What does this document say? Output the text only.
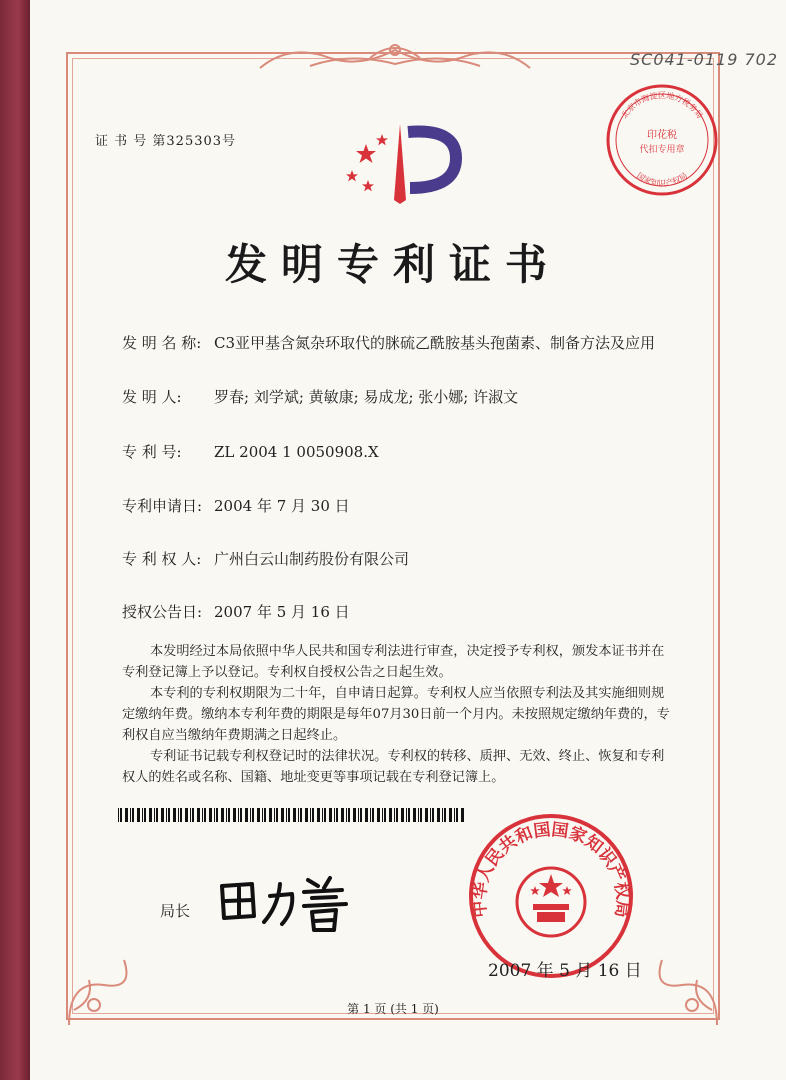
SC041-0119 702
证 书 号 第325303号
北京市海淀区地方税务局
国家知识产权局
印花税
代扣专用章
发明专利证书
发 明 名 称: C3亚甲基含氮杂环取代的脒硫乙酰胺基头孢菌素、制备方法及应用
发 明 人: 罗春; 刘学斌; 黄敏康; 易成龙; 张小娜; 许淑文
专 利 号: ZL 2004 1 0050908.X
专利申请日: 2004 年 7 月 30 日
专 利 权 人: 广州白云山制药股份有限公司
授权公告日: 2007 年 5 月 16 日
本发明经过本局依照中华人民共和国专利法进行审查，决定授予专利权，颁发本证书并在专利登记簿上予以登记。专利权自授权公告之日起生效。
本专利的专利权期限为二十年，自申请日起算。专利权人应当依照专利法及其实施细则规定缴纳年费。缴纳本专利年费的期限是每年07月30日前一个月内。未按照规定缴纳年费的，专利权自应当缴纳年费期满之日起终止。
专利证书记载专利权登记时的法律状况。专利权的转移、质押、无效、终止、恢复和专利权人的姓名或名称、国籍、地址变更等事项记载在专利登记簿上。
局长	中华人民共和国国家知识产权局
2007 年 5 月 16 日
第 1 页 (共 1 页)
